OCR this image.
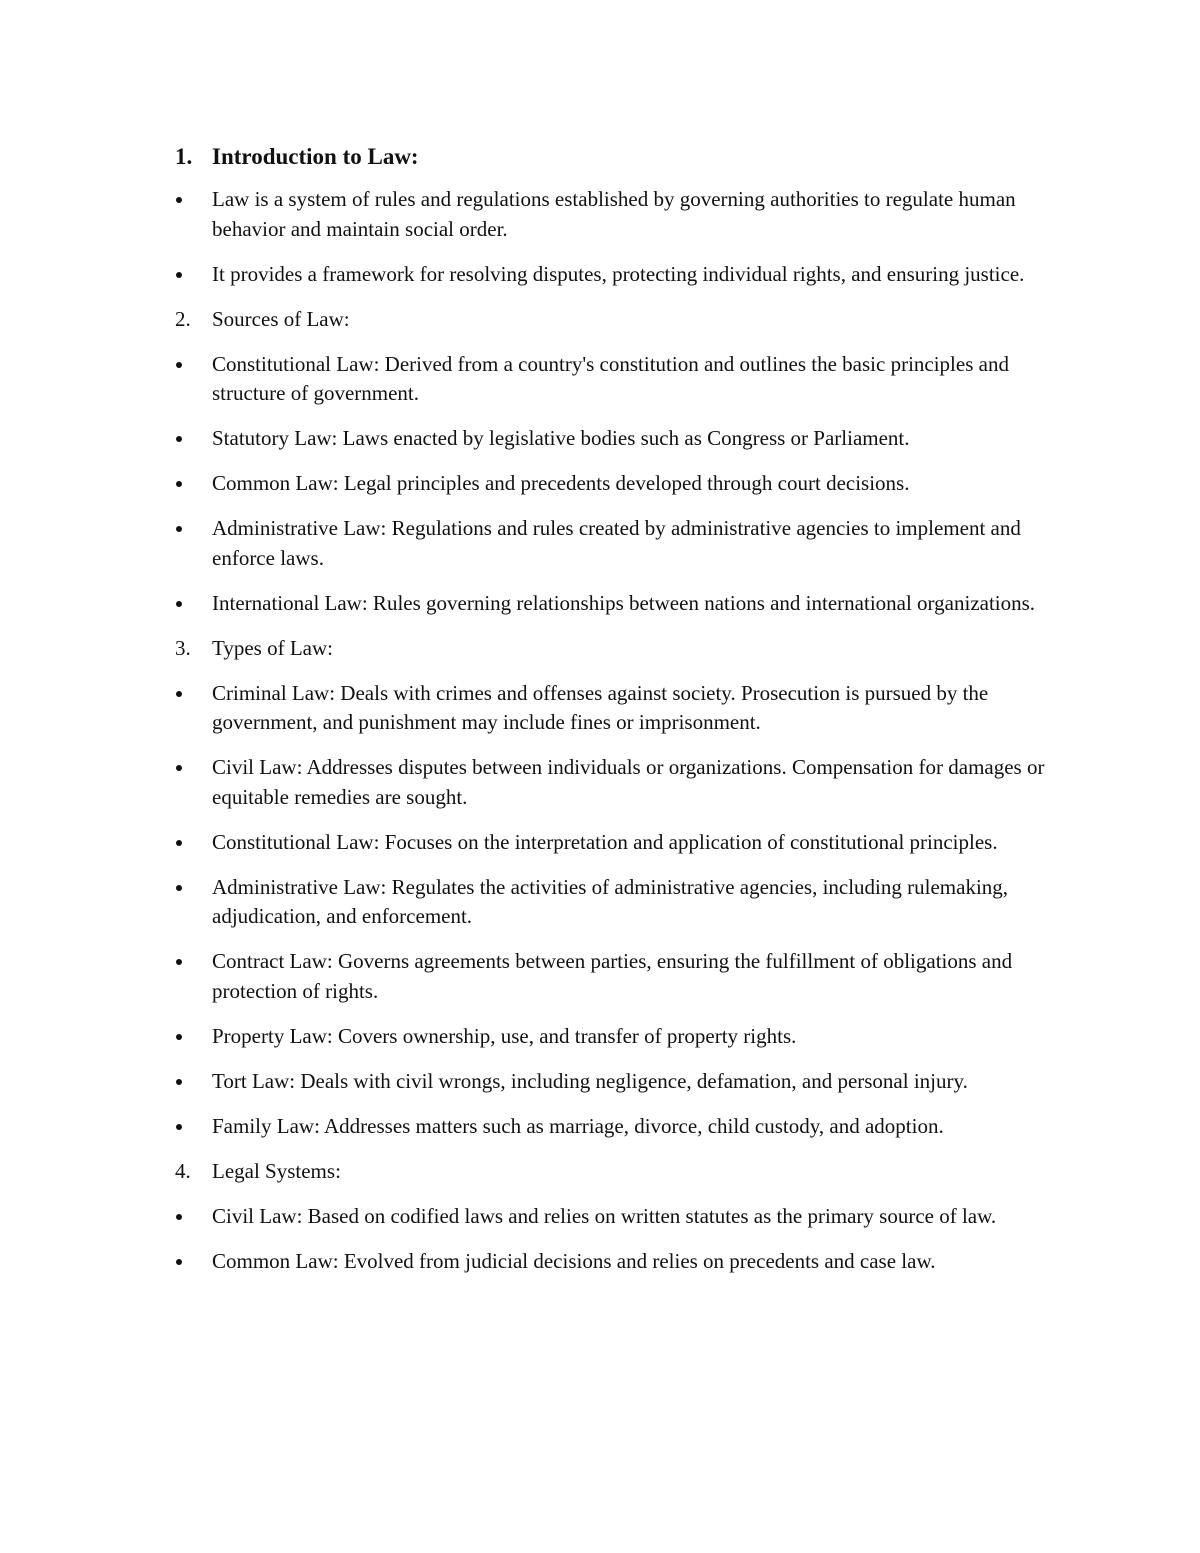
1. Introduction to Law:
Law is a system of rules and regulations established by governing authorities to regulate human behavior and maintain social order.
It provides a framework for resolving disputes, protecting individual rights, and ensuring justice.
2.	Sources of Law:
Constitutional Law: Derived from a country's constitution and outlines the basic principles and structure of government.
Statutory Law: Laws enacted by legislative bodies such as Congress or Parliament.
Common Law: Legal principles and precedents developed through court decisions.
Administrative Law: Regulations and rules created by administrative agencies to implement and enforce laws.
International Law: Rules governing relationships between nations and international organizations.
3.	Types of Law:
Criminal Law: Deals with crimes and offenses against society. Prosecution is pursued by the government, and punishment may include fines or imprisonment.
Civil Law: Addresses disputes between individuals or organizations. Compensation for damages or equitable remedies are sought.
Constitutional Law: Focuses on the interpretation and application of constitutional principles.
Administrative Law: Regulates the activities of administrative agencies, including rulemaking, adjudication, and enforcement.
Contract Law: Governs agreements between parties, ensuring the fulfillment of obligations and protection of rights.
Property Law: Covers ownership, use, and transfer of property rights.
Tort Law: Deals with civil wrongs, including negligence, defamation, and personal injury.
Family Law: Addresses matters such as marriage, divorce, child custody, and adoption.
4.	Legal Systems:
Civil Law: Based on codified laws and relies on written statutes as the primary source of law.
Common Law: Evolved from judicial decisions and relies on precedents and case law.
